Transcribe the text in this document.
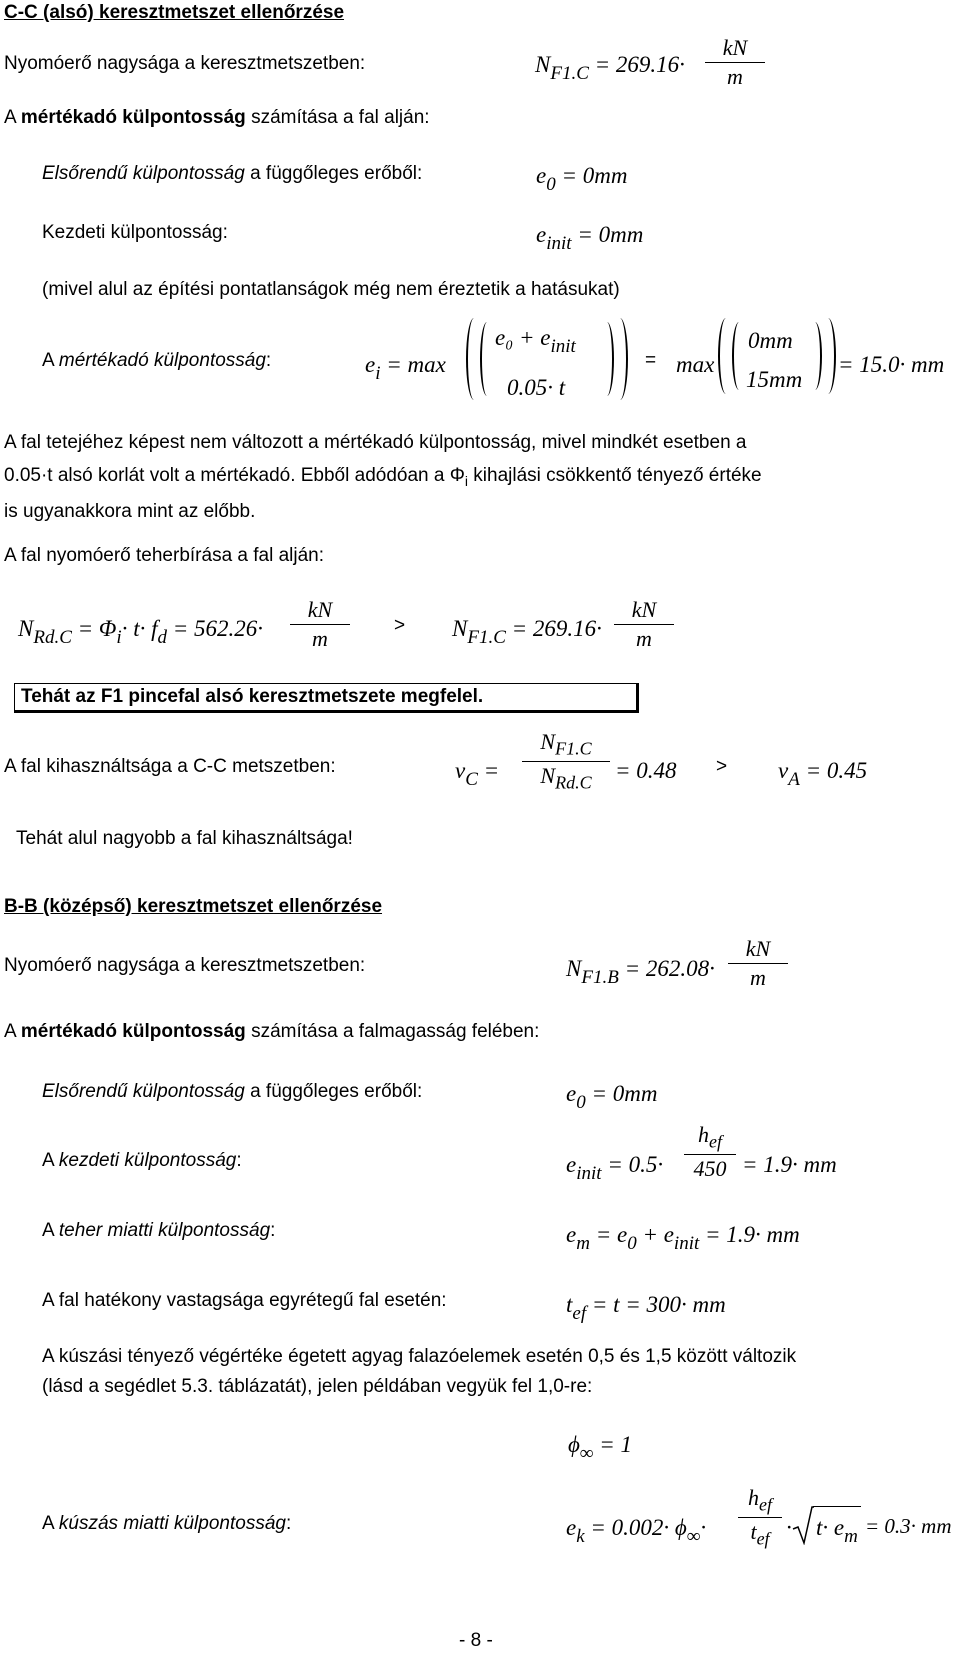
C-C (alsó) keresztmetszet ellenőrzése
Nyomóerő nagysága a keresztmetszetben:	$N_{F1.C} = 269.16\cdot \frac{kN}{m}$
A mértékadó külpontosság számítása a fal alján:
Elsőrendű külpontosság a függőleges erőből:	$e_0 = 0mm$
Kezdeti külpontosság:	$e_{init} = 0mm$
(mivel alul az építési pontatlanságok még nem éreztetik a hatásukat)
A mértékadó külpontosság:	$e_i = \max$
$e_0 + e_{init}$
0.05· t
= max
0mm
15mm
= 15.0· mm
A fal tetejéhez képest nem változott a mértékadó külpontosság, mivel mindkét esetben a
0.05·t alsó korlát volt a mértékadó. Ebből adódóan a $\Phi_i$ kihajlási csökkentő tényező értéke
is ugyanakkora mint az előbb.
A fal nyomóerő teherbírása a fal alján:
$N_{Rd.C} = \Phi_i\cdot t\cdot f_d = 562.26\cdot \frac{kN}{m} > N_{F1.C} = 269.16\cdot \frac{kN}{m}$
Tehát az F1 pincefal alsó keresztmetszete megfelel.
A fal kihasználtsága a C-C metszetben:	$\nu_C$ =
$N_{F1.C}$
$N_{Rd.C}$	= $0.48 > \nu_A = 0.45$
Tehát alul nagyobb a fal kihasználtsága!
B-B (középső) keresztmetszet ellenőrzése
Nyomóerő nagysága a keresztmetszetben:	$N_{F1.B} = 262.08\cdot \frac{kN}{m}$
A mértékadó külpontosság számítása a falmagasság felében:
Elsőrendű külpontosság a függőleges erőből:	$e_0 = 0mm$
A kezdeti külpontosság:	$e_{init} = 0.5\cdot$
$h_{ef}$
450 = 1.9· mm
A teher miatti külpontosság:	$e_m = e_0 + e_{init} = 1.9\cdot$ mm
A fal hatékony vastagsága egyrétegű fal esetén:	$t_{ef} = t = 300\cdot$ mm
A kúszási tényező végértéke égetett agyag falazóelemek esetén 0,5 és 1,5 között változik
(lásd a segédlet 5.3. táblázatát), jelen példában vegyük fel 1,0-re:
$\phi_\infty = 1$
A kúszás miatti külpontosság:	$e_k = 0.002\cdot \phi_\infty\cdot$
$h_{ef}$
$t_{ef} \cdot t\cdot e_m = 0.3\cdot$ mm
- 8 -
